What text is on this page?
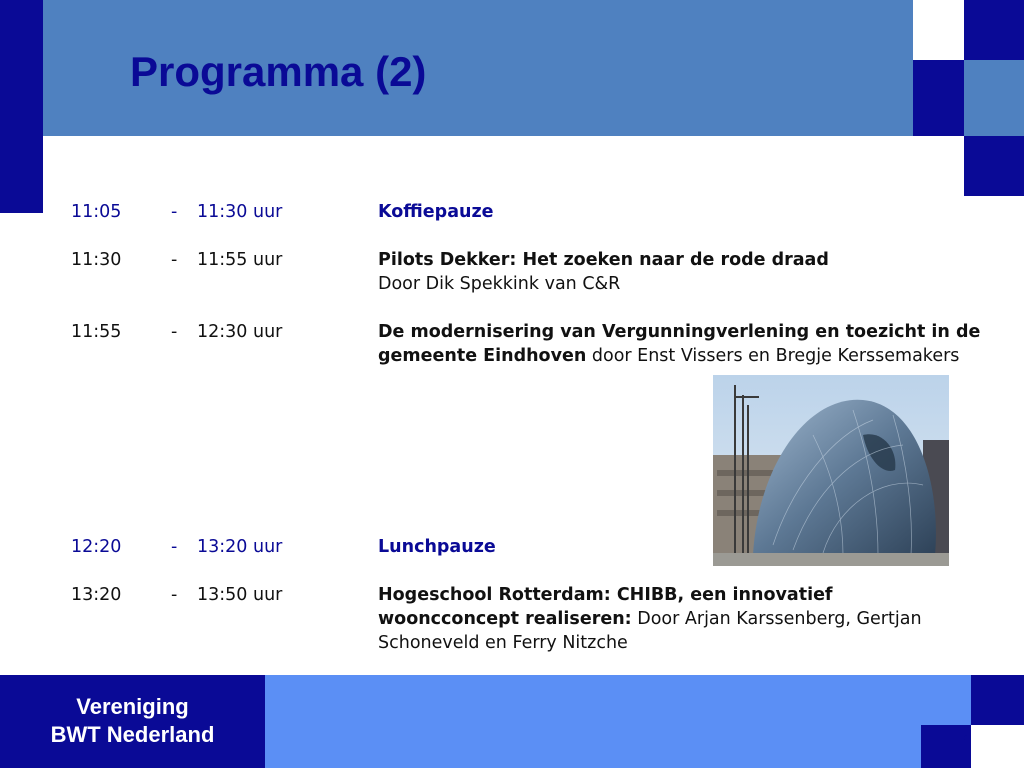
Programma (2)
11:05	- 11:30 uur	Koffiepauze
11:30	- 11:55 uur	Pilots Dekker: Het zoeken naar de rode draad
Door Dik Spekkink van C&R
11:55	- 12:30 uur	De modernisering van Vergunningverlening en toezicht in de gemeente Eindhoven door Enst Vissers en Bregje Kerssemakers
12:20	- 13:20 uur	Lunchpauze
13:20	- 13:50 uur	Hogeschool Rotterdam: CHIBB, een innovatief wooncconcept realiseren: Door Arjan Karssenberg, Gertjan Schoneveld en Ferry Nitzche
Vereniging
BWT Nederland	7
